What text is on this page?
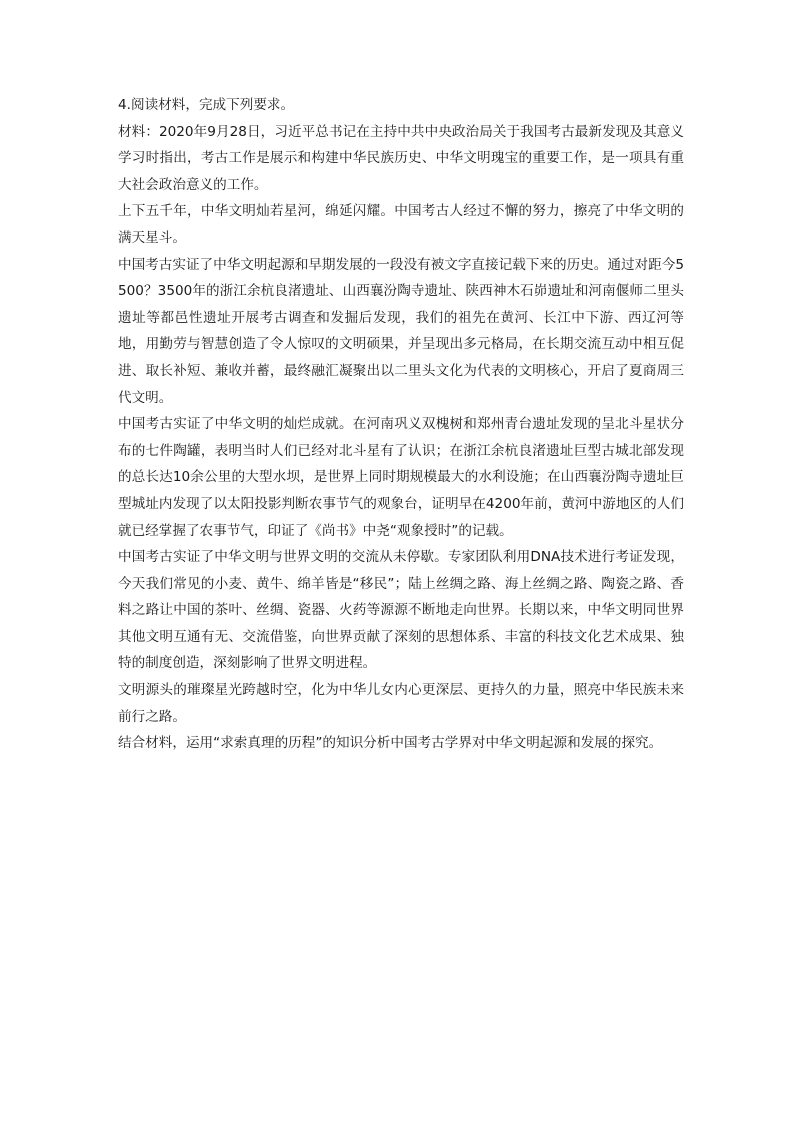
4.阅读材料，完成下列要求。

材料：2020年9月28日，习近平总书记在主持中共中央政治局关于我国考古最新发现及其意义学习时指出，考古工作是展示和构建中华民族历史、中华文明瑰宝的重要工作，是一项具有重大社会政治意义的工作。

上下五千年，中华文明灿若星河，绵延闪耀。中国考古人经过不懈的努力，擦亮了中华文明的满天星斗。

中国考古实证了中华文明起源和早期发展的一段没有被文字直接记载下来的历史。通过对距今5500？3500年的浙江余杭良渚遗址、山西襄汾陶寺遗址、陕西神木石峁遗址和河南偃师二里头遗址等都邑性遗址开展考古调查和发掘后发现，我们的祖先在黄河、长江中下游、西辽河等地，用勤劳与智慧创造了令人惊叹的文明硕果，并呈现出多元格局，在长期交流互动中相互促进、取长补短、兼收并蓄，最终融汇凝聚出以二里头文化为代表的文明核心，开启了夏商周三代文明。

中国考古实证了中华文明的灿烂成就。在河南巩义双槐树和郑州青台遗址发现的呈北斗星状分布的七件陶罐，表明当时人们已经对北斗星有了认识；在浙江余杭良渚遗址巨型古城北部发现的总长达10余公里的大型水坝，是世界上同时期规模最大的水利设施；在山西襄汾陶寺遗址巨型城址内发现了以太阳投影判断农事节气的观象台，证明早在4200年前，黄河中游地区的人们就已经掌握了农事节气，印证了《尚书》中尧“观象授时”的记载。

中国考古实证了中华文明与世界文明的交流从未停歇。专家团队利用DNA技术进行考证发现，今天我们常见的小麦、黄牛、绵羊皆是“移民”；陆上丝绸之路、海上丝绸之路、陶瓷之路、香料之路让中国的茶叶、丝绸、瓷器、火药等源源不断地走向世界。长期以来，中华文明同世界其他文明互通有无、交流借鉴，向世界贡献了深刻的思想体系、丰富的科技文化艺术成果、独特的制度创造，深刻影响了世界文明进程。

文明源头的璀璨星光跨越时空，化为中华儿女内心更深层、更持久的力量，照亮中华民族未来前行之路。

结合材料，运用“求索真理的历程”的知识分析中国考古学界对中华文明起源和发展的探究。
